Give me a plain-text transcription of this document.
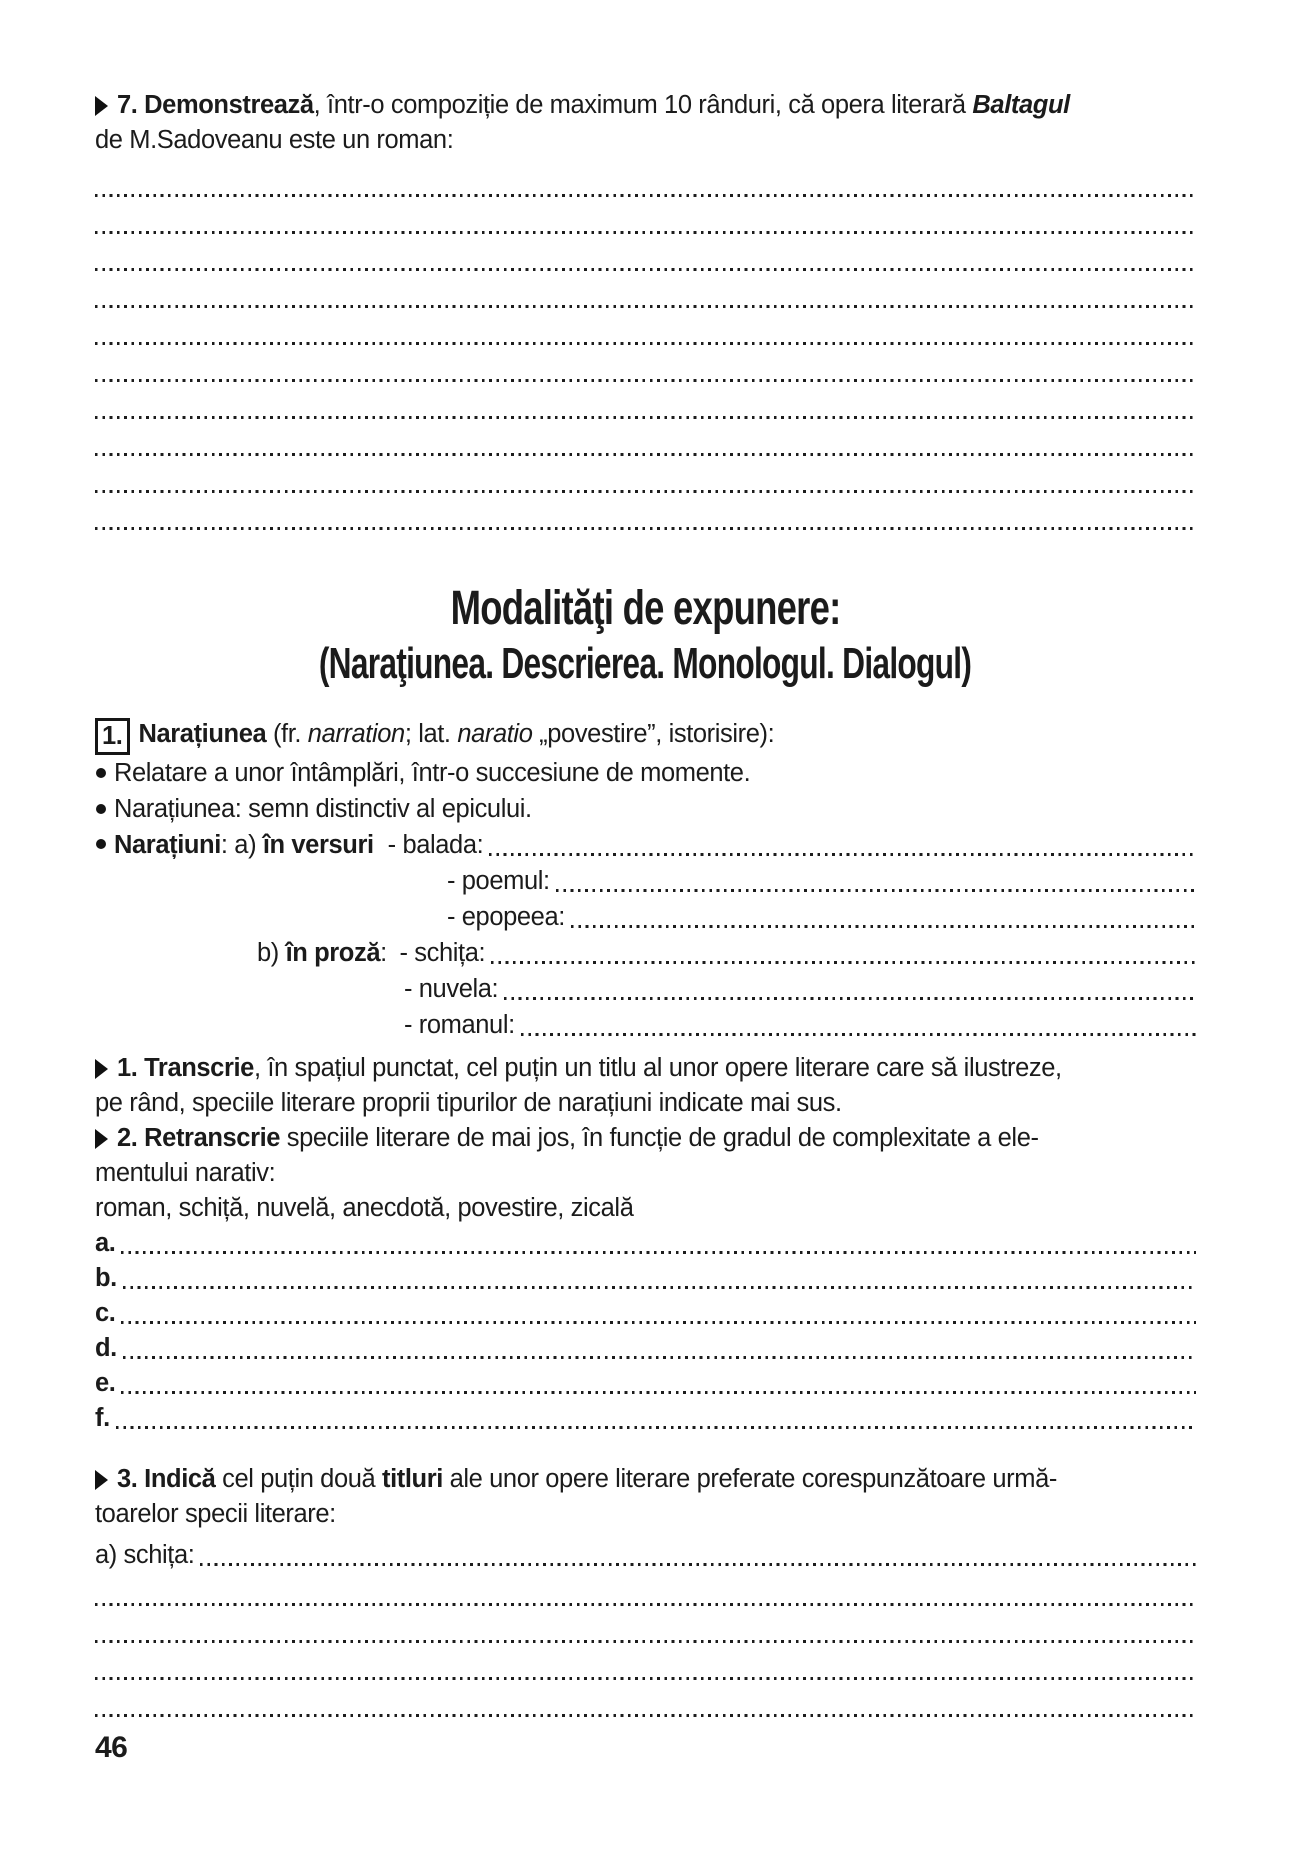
7. Demonstrează, într-o compoziție de maximum 10 rânduri, că opera literară Baltagul
de M.Sadoveanu este un roman:
Modalităţi de expunere:
(Naraţiunea. Descrierea. Monologul. Dialogul)
1. Narațiunea (fr. narration; lat. naratio „povestire”, istorisire):
Relatare a unor întâmplări, într-o succesiune de momente.
Narațiunea: semn distinctiv al epicului.
Narațiuni: a) în versuri - balada:
- poemul:
- epopeea:
b) în proză: - schița:
- nuvela:
- romanul:
1. Transcrie, în spațiul punctat, cel puțin un titlu al unor opere literare care să ilustreze,
pe rând, speciile literare proprii tipurilor de narațiuni indicate mai sus.
2. Retranscrie speciile literare de mai jos, în funcție de gradul de complexitate a ele-
mentului narativ:
roman, schiță, nuvelă, anecdotă, povestire, zicală
a.
b.
c.
d.
e.
f.
3. Indică cel puțin două titluri ale unor opere literare preferate corespunzătoare urmă-
toarelor specii literare:
a) schița:
46
